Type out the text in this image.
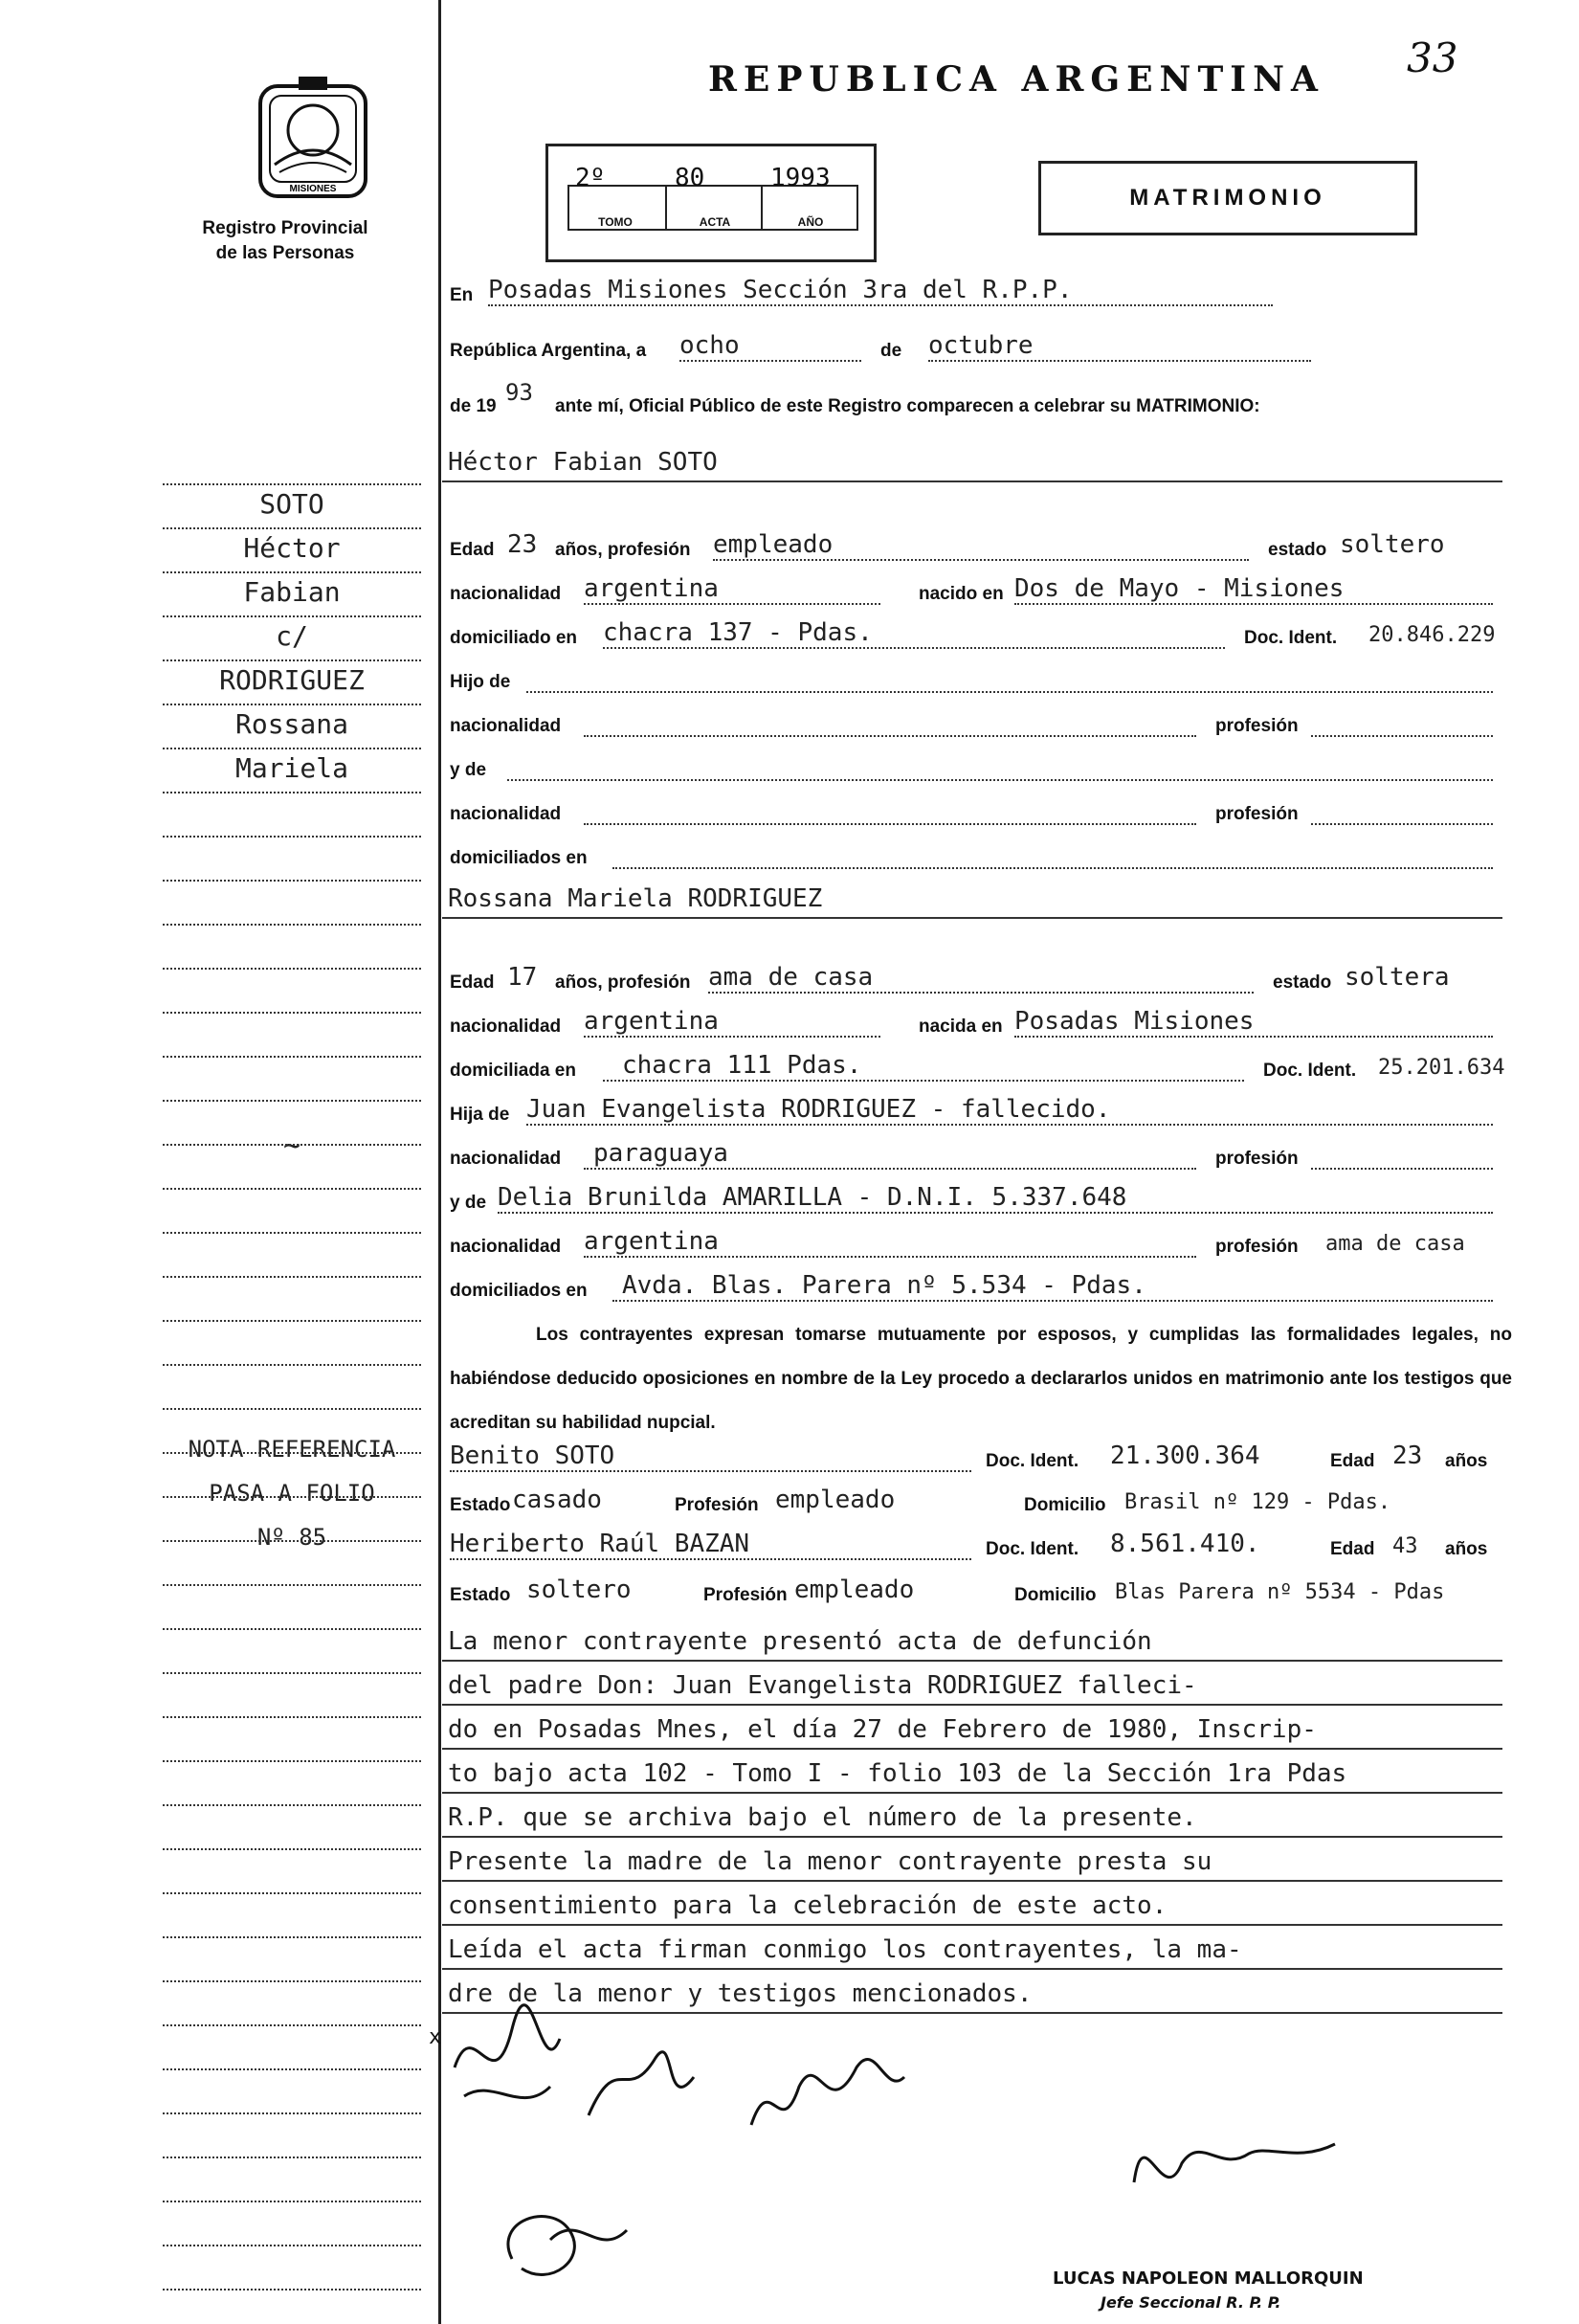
33
REPUBLICA ARGENTINA
MISIONES
Registro Provincial
de las Personas
2º
TOMO
80
ACTA
1993
AÑO
MATRIMONIO
En Posadas Misiones Sección 3ra del R.P.P.
República Argentina, a ocho	de octubre
de 19
93
ante mí, Oficial Público de este Registro comparecen a celebrar su MATRIMONIO:
Héctor Fabian SOTO
Edad 23 años, profesión empleado	estado soltero
nacionalidad argentina	nacido en Dos de Mayo - Misiones
domiciliado en chacra 137 - Pdas.	Doc. Ident. 20.846.229
Hijo de
nacionalidad	profesión
y de
nacionalidad	profesión
domiciliados en
Rossana Mariela RODRIGUEZ
Edad 17 años, profesión ama de casa	estado soltera
nacionalidad argentina	nacida en Posadas Misiones
domiciliada en chacra 111 Pdas.	Doc. Ident. 25.201.634
Hija de Juan Evangelista RODRIGUEZ - fallecido.
nacionalidad paraguaya	profesión
y de Delia Brunilda AMARILLA - D.N.I. 5.337.648
nacionalidad argentina	profesión ama de casa
domiciliados en Avda. Blas. Parera nº 5.534 - Pdas.
Los contrayentes expresan tomarse mutuamente por esposos, y cumplidas las formalidades legales, no habiéndose deducido oposiciones en nombre de la Ley procedo a declararlos unidos en matrimonio ante los testigos que acreditan su habilidad nupcial.
Benito SOTO	Doc. Ident. 21.300.364	Edad 23 años
Estado casado	Profesión empleado	Domicilio Brasil nº 129 - Pdas.
Heriberto Raúl BAZAN	Doc. Ident. 8.561.410.	Edad 43 años
Estado soltero	Profesión empleado	Domicilio Blas Parera nº 5534 - Pdas
La menor contrayente presentó acta de defunción
del padre Don: Juan Evangelista RODRIGUEZ falleci-
do en Posadas Mnes, el día 27 de Febrero de 1980, Inscrip-
to bajo acta 102 - Tomo I - folio 103 de la Sección 1ra Pdas
R.P. que se archiva bajo el número de la presente.
Presente la madre de la menor contrayente presta su
consentimiento para la celebración de este acto.
Leída el acta firman conmigo los contrayentes, la ma-
dre de la menor y testigos mencionados.
x
LUCAS NAPOLEON MALLORQUIN
Jefe Seccional R. P. P.
SOTO
Héctor
Fabian
c/
RODRIGUEZ
Rossana
Mariela
~
NOTA REFERENCIA
PASA A FOLIO
Nº 85
